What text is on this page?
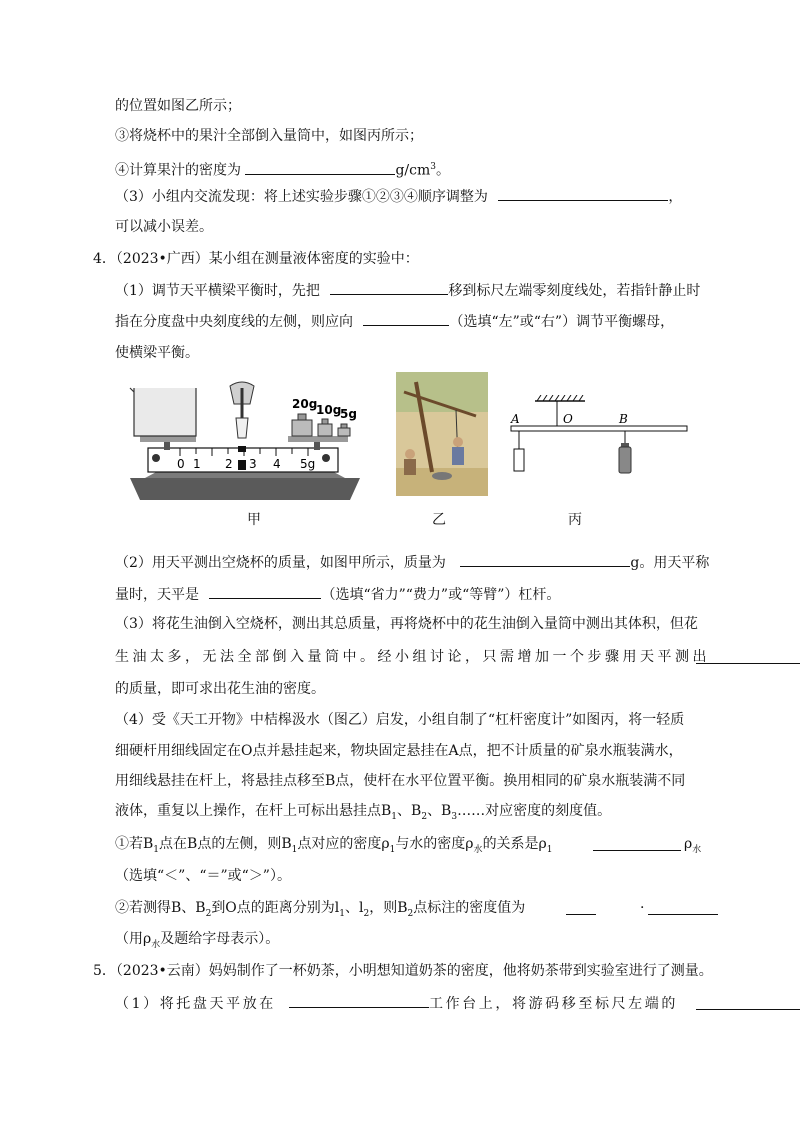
的位置如图乙所示；
③将烧杯中的果汁全部倒入量筒中，如图丙所示；
④计算果汁的密度为	$g/cm^3$。
（3）小组内交流发现：将上述实验步骤①②③④顺序调整为	，
可以减小误差。
4．（2023•广西）某小组在测量液体密度的实验中：
（1）调节天平横梁平衡时，先把	移到标尺左端零刻度线处，若指针静止时
指在分度盘中央刻度线的左侧，则应向	（选填“左”或“右”）调节平衡螺母，
使横梁平衡。
0 1 2 3 4 5g
20g
10g
5g	A	O	B
甲	乙	丙
（2）用天平测出空烧杯的质量，如图甲所示，质量为	g。用天平称
量时，天平是	（选填“省力”“费力”或“等臂”）杠杆。
（3）将花生油倒入空烧杯，测出其总质量，再将烧杯中的花生油倒入量筒中测出其体积，但花
生油太多，无法全部倒入量筒中。经小组讨论，只需增加一个步骤用天平测出
的质量，即可求出花生油的密度。
（4）受《天工开物》中桔槔汲水（图乙）启发，小组自制了“杠杆密度计”如图丙，将一轻质
细硬杆用细线固定在O点并悬挂起来，物块固定悬挂在A点，把不计质量的矿泉水瓶装满水，
用细线悬挂在杆上，将悬挂点移至B点，使杆在水平位置平衡。换用相同的矿泉水瓶装满不同
液体，重复以上操作，在杆上可标出悬挂点$B_1$、$B_2$、$B_3\dots\dots$对应密度的刻度值。
①若$B_1$点在B点的左侧，则$B_1$点对应的密度$\rho_1$与水的密度$\rho_水$的关系是$\rho_1$	$\rho_水$
（选填“＜”、“＝”或“＞”）。
②若测得B、$B_2$到O点的距离分别为$l_1$、$l_2$，则$B_2$点标注的密度值为	·
（用$\rho_水$及题给字母表示）。
5．（2023•云南）妈妈制作了一杯奶茶，小明想知道奶茶的密度，他将奶茶带到实验室进行了测量。
（1）将托盘天平放在	工作台上，将游码移至标尺左端的
